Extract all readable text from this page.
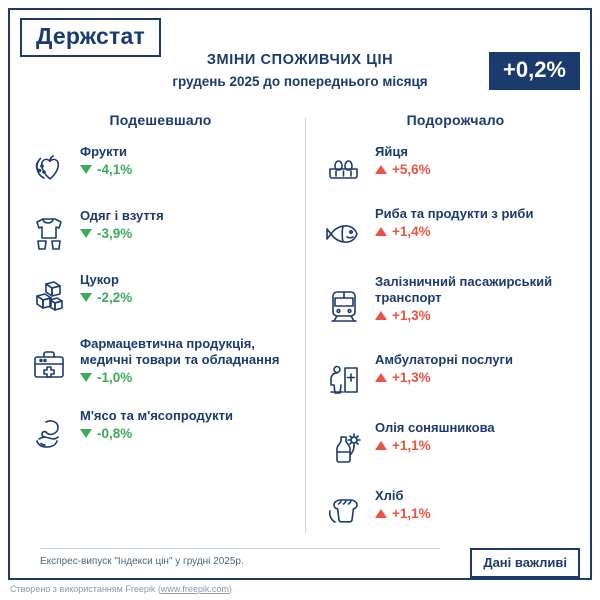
Держстат
ЗМІНИ СПОЖИВЧИХ ЦІН
грудень 2025 до попереднього місяця	+0,2%
Подешевшало
Фрукти
-4,1%
Одяг і взуття
-3,9%
Цукор
-2,2%
Фармацевтична продукція, медичні товари та обладнання
-1,0%
М'ясо та м'ясопродукти
-0,8%
Подорожчало
Яйця
+5,6%
Риба та продукти з риби
+1,4%
Залізничний пасажирський транспорт
+1,3%
Амбулаторні послуги
+1,3%
Олія соняшникова
+1,1%
Хліб
+1,1%
Експрес-випуск "Індекси цін" у грудні 2025р.	Дані важливі
Створено з використанням Freepik (www.freepik.com)
